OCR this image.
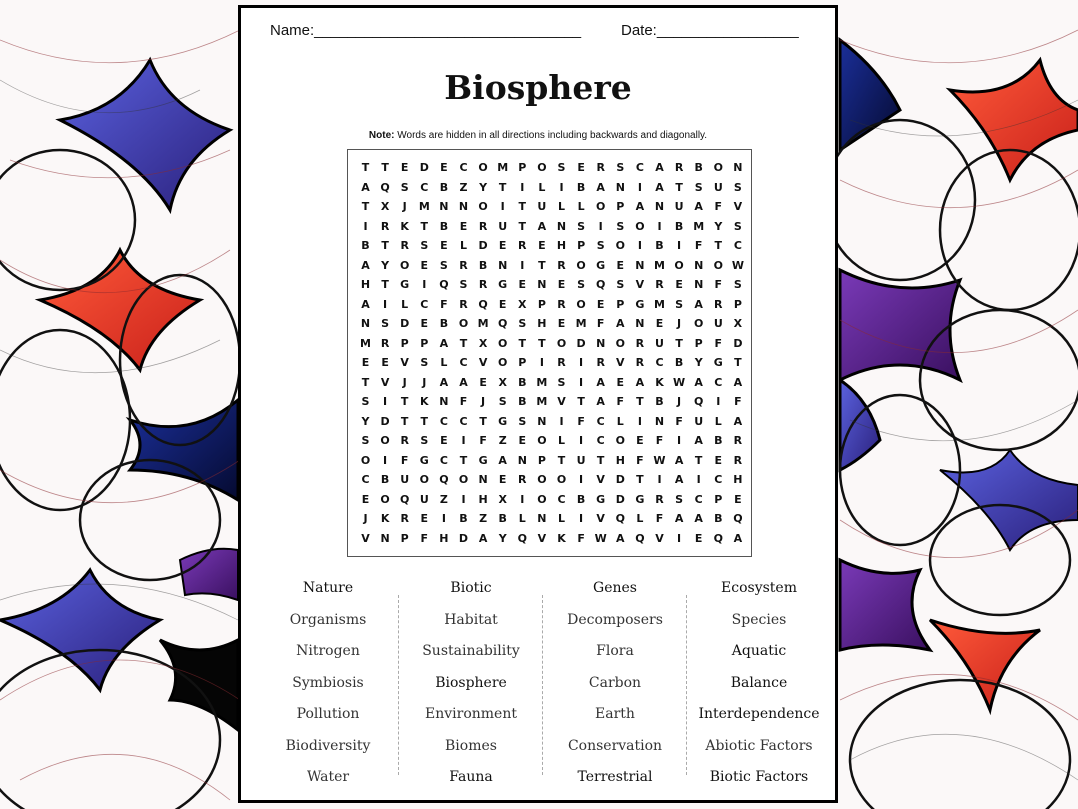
Name:________________________________	Date:_________________
Biosphere
Note: Words are hidden in all directions including backwards and diagonally.
T	T	E	D	E	C O M P O S	E	R	S	C	A	R	B O N
A Q S	C	B	Z	Y	T	I	L	I	B	A N	I	A	T	S	U	S
T	X	J	M N N O	I	T	U	L	L	O P	A N U A	F	V
I	R	K	T	B	E	R U	T	A N	S	I	S O	I	B M Y	S
B	T	R	S	E	L	D	E	R	E	H P	S O	I	B	I	F	T	C
A	Y O	E	S	R	B N	I	T	R O G	E	N M O N O W
H	T	G	I	Q S	R G	E	N	E	S Q S	V	R	E	N	F	S
A	I	L	C	F	R Q	E	X	P	R O	E	P	G M S	A	R	P
N	S	D	E	B O M Q S	H	E M F	A N	E	J	O U X
M R	P	P	A	T	X O	T	T	O D N O R U	T	P	F	D
E	E	V	S	L	C	V O P	I	R	I	R	V	R	C	B	Y	G	T
T	V	J	J	A	A	E	X	B M S	I	A	E	A	K W A	C	A
S	I	T	K N	F	J	S	B M V	T	A	F	T	B	J	Q	I	F
Y	D	T	T	C	C	T	G	S	N	I	F	C	L	I	N	F	U	L	A
S O R	S	E	I	F	Z	E	O	L	I	C O	E	F	I	A	B	R
O	I	F	G	C	T	G A N P	T	U	T	H	F W A	T	E	R
C	B U O Q O N	E	R O O	I	V D	T	I	A	I	C H
E	O Q U	Z	I	H X	I	O C	B G D G R	S	C	P	E
J	K	R	E	I	B	Z	B	L	N	L	I	V Q	L	F	A	A	B Q
V N P	F	H D A	Y Q V	K	F W A Q V	I	E	Q A
Nature
Organisms
Nitrogen
Symbiosis
Pollution
Biodiversity
Water
Biotic
Habitat
Sustainability
Biosphere
Environment
Biomes
Fauna
Genes
Decomposers
Flora
Carbon
Earth
Conservation
Terrestrial
Ecosystem
Species
Aquatic
Balance
Interdependence
Abiotic Factors
Biotic Factors
